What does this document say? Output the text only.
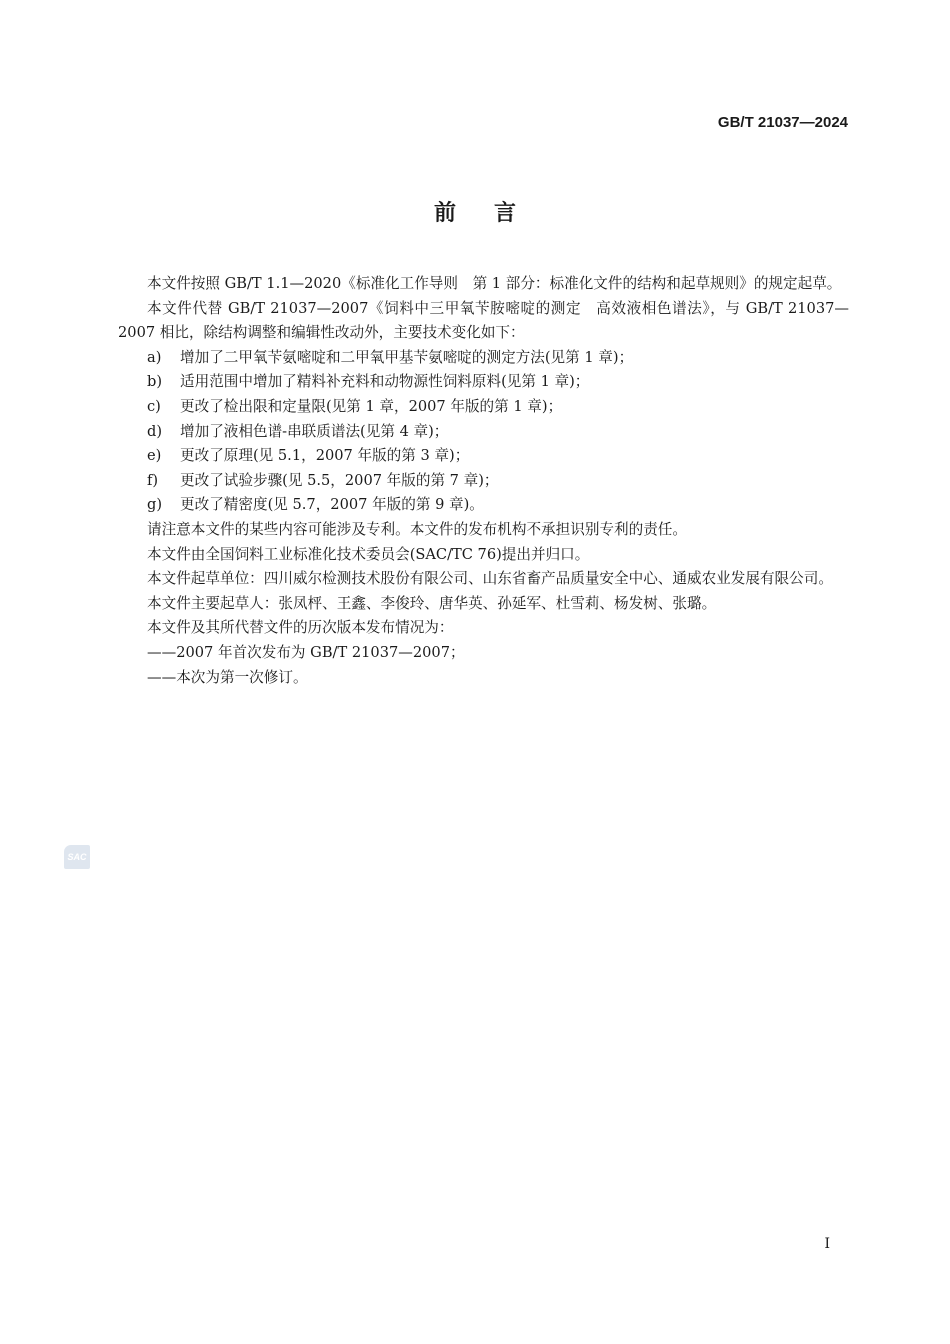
GB/T 21037—2024
前言

本文件按照 GB/T 1.1—2020《标准化工作导则　第 1 部分：标准化文件的结构和起草规则》的规定起草。

本文件代替 GB/T 21037—2007《饲料中三甲氧苄胺嘧啶的测定　高效液相色谱法》，与 GB/T 21037—2007 相比，除结构调整和编辑性改动外，主要技术变化如下：

a)	增加了二甲氧苄氨嘧啶和二甲氧甲基苄氨嘧啶的测定方法(见第 1 章)；
b)	适用范围中增加了精料补充料和动物源性饲料原料(见第 1 章)；
c)	更改了检出限和定量限(见第 1 章，2007 年版的第 1 章)；
d)	增加了液相色谱-串联质谱法(见第 4 章)；
e)	更改了原理(见 5.1，2007 年版的第 3 章)；
f)	更改了试验步骤(见 5.5，2007 年版的第 7 章)；
g)	更改了精密度(见 5.7，2007 年版的第 9 章)。

请注意本文件的某些内容可能涉及专利。本文件的发布机构不承担识别专利的责任。

本文件由全国饲料工业标准化技术委员会(SAC/TC 76)提出并归口。

本文件起草单位：四川威尔检测技术股份有限公司、山东省畜产品质量安全中心、通威农业发展有限公司。

本文件主要起草人：张凤枰、王鑫、李俊玲、唐华英、孙延军、杜雪莉、杨发树、张璐。

本文件及其所代替文件的历次版本发布情况为：

——2007 年首次发布为 GB/T 21037—2007；

——本次为第一次修订。

SAC
I
